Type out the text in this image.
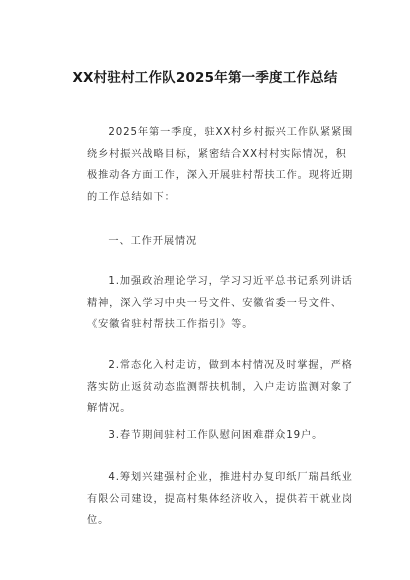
XX村驻村工作队2025年第一季度工作总结
2025年第一季度，驻XX村乡村振兴工作队紧紧围绕乡村振兴战略目标，紧密结合XX村村实际情况，积极推动各方面工作，深入开展驻村帮扶工作。现将近期的工作总结如下：
一、工作开展情况
1.加强政治理论学习，学习习近平总书记系列讲话精神，深入学习中央一号文件、安徽省委一号文件、《安徽省驻村帮扶工作指引》等。
2.常态化入村走访，做到本村情况及时掌握，严格落实防止返贫动态监测帮扶机制，入户走访监测对象了解情况。
3.春节期间驻村工作队慰问困难群众19户。
4.筹划兴建强村企业，推进村办复印纸厂瑞昌纸业有限公司建设，提高村集体经济收入，提供若干就业岗位。
